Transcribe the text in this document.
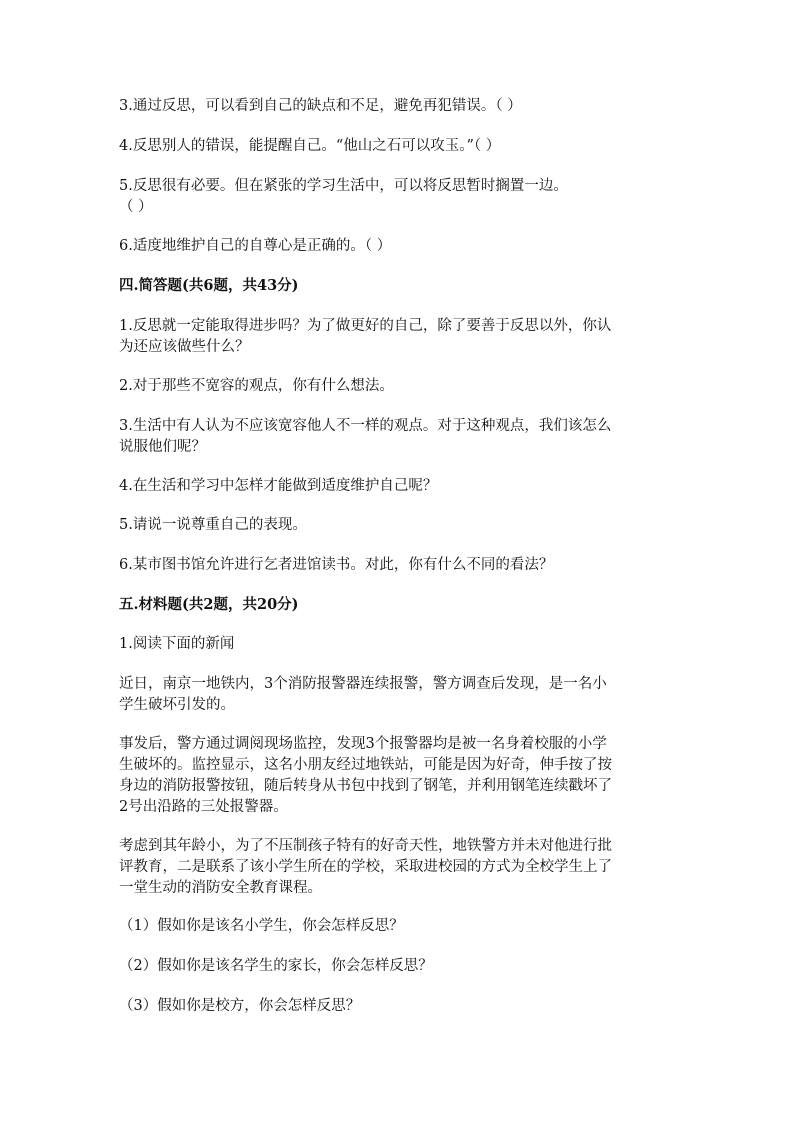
3.通过反思，可以看到自己的缺点和不足，避免再犯错误。（ ）
4.反思别人的错误，能提醒自己。“他山之石可以攻玉。”（ ）
5.反思很有必要。但在紧张的学习生活中，可以将反思暂时搁置一边。
（ ）
6.适度地维护自己的自尊心是正确的。（ ）
四.简答题(共6题，共43分)
1.反思就一定能取得进步吗？为了做更好的自己，除了要善于反思以外，你认
为还应该做些什么？
2.对于那些不宽容的观点，你有什么想法。
3.生活中有人认为不应该宽容他人不一样的观点。对于这种观点，我们该怎么
说服他们呢？
4.在生活和学习中怎样才能做到适度维护自己呢？
5.请说一说尊重自己的表现。
6.某市图书馆允许进行乞者进馆读书。对此，你有什么不同的看法？
五.材料题(共2题，共20分)
1.阅读下面的新闻
近日，南京一地铁内，3个消防报警器连续报警，警方调查后发现，是一名小
学生破坏引发的。
事发后，警方通过调阅现场监控，发现3个报警器均是被一名身着校服的小学
生破坏的。监控显示，这名小朋友经过地铁站，可能是因为好奇，伸手按了按
身边的消防报警按钮，随后转身从书包中找到了钢笔，并利用钢笔连续戳坏了
2号出沿路的三处报警器。
考虑到其年龄小，为了不压制孩子特有的好奇天性，地铁警方并未对他进行批
评教育，二是联系了该小学生所在的学校，采取进校园的方式为全校学生上了
一堂生动的消防安全教育课程。
（1）假如你是该名小学生，你会怎样反思？
（2）假如你是该名学生的家长，你会怎样反思？
（3）假如你是校方，你会怎样反思？
